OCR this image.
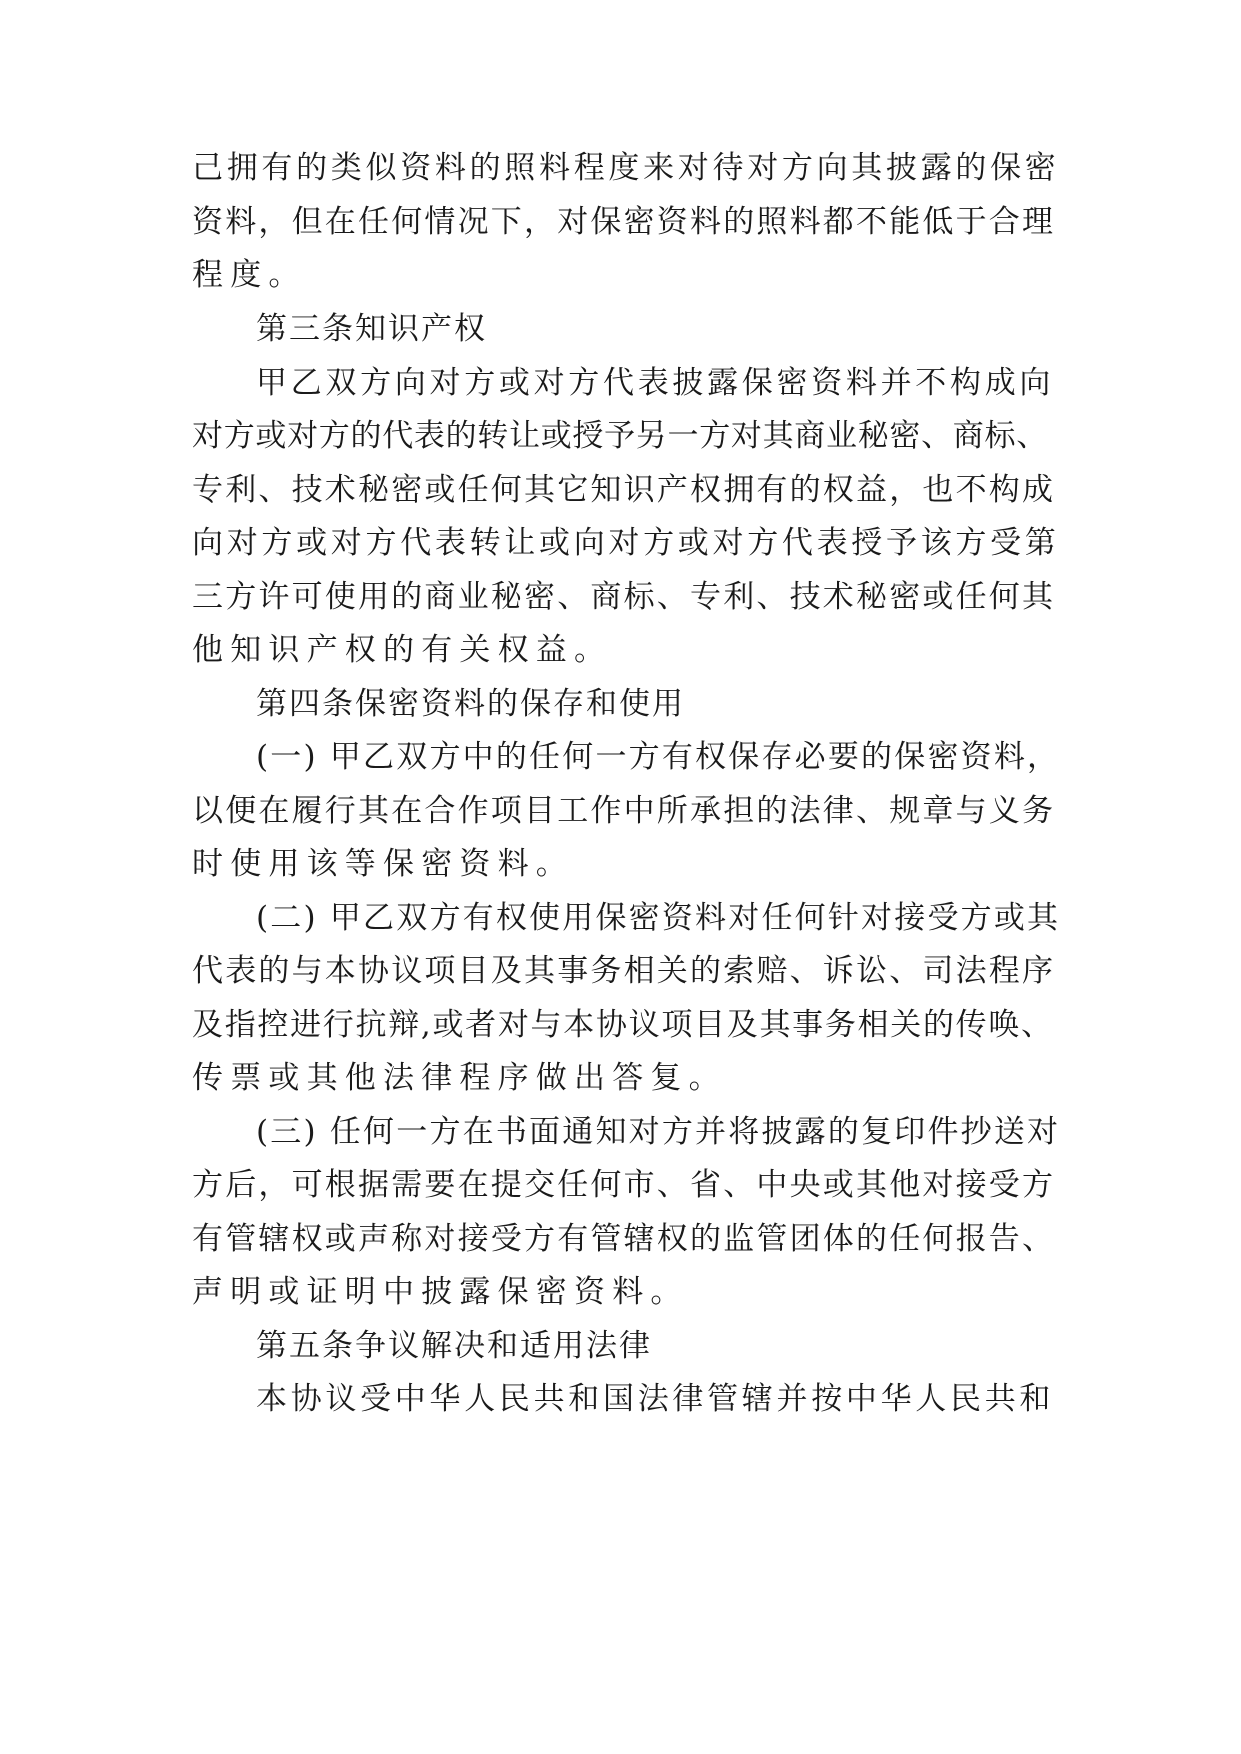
己拥有的类似资料的照料程度来对待对方向其披露的保密
资料，但在任何情况下，对保密资料的照料都不能低于合理
程度。
第三条知识产权
甲乙双方向对方或对方代表披露保密资料并不构成向
对方或对方的代表的转让或授予另一方对其商业秘密、商标、
专利、技术秘密或任何其它知识产权拥有的权益，也不构成
向对方或对方代表转让或向对方或对方代表授予该方受第
三方许可使用的商业秘密、商标、专利、技术秘密或任何其
他知识产权的有关权益。
第四条保密资料的保存和使用
(一) 甲乙双方中的任何一方有权保存必要的保密资料，
以便在履行其在合作项目工作中所承担的法律、规章与义务
时使用该等保密资料。
(二) 甲乙双方有权使用保密资料对任何针对接受方或其
代表的与本协议项目及其事务相关的索赔、诉讼、司法程序
及指控进行抗辩,或者对与本协议项目及其事务相关的传唤、
传票或其他法律程序做出答复。
(三) 任何一方在书面通知对方并将披露的复印件抄送对
方后，可根据需要在提交任何市、省、中央或其他对接受方
有管辖权或声称对接受方有管辖权的监管团体的任何报告、
声明或证明中披露保密资料。
第五条争议解决和适用法律
本协议受中华人民共和国法律管辖并按中华人民共和
